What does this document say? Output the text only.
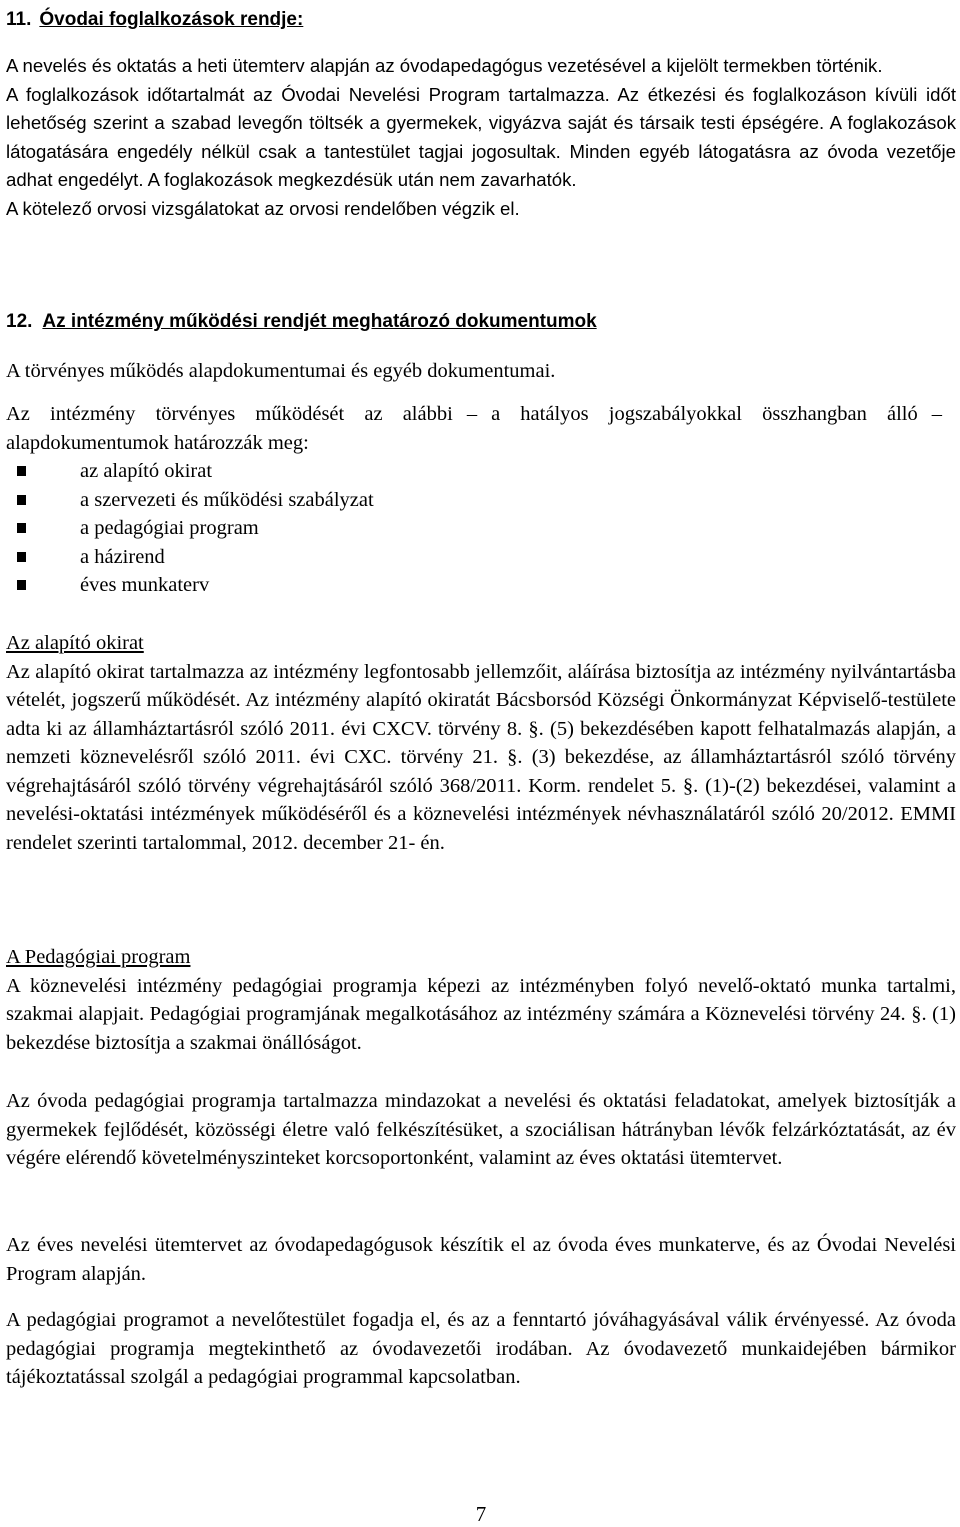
11. Óvodai foglalkozások rendje:
A nevelés és oktatás a heti ütemterv alapján az óvodapedagógus vezetésével a kijelölt termekben történik.
A foglalkozások időtartalmát az Óvodai Nevelési Program tartalmazza. Az étkezési és foglalkozáson kívüli időt lehetőség szerint a szabad levegőn töltsék a gyermekek, vigyázva saját és társaik testi épségére. A foglakozások látogatására engedély nélkül csak a tantestület tagjai jogosultak. Minden egyéb látogatásra az óvoda vezetője adhat engedélyt. A foglakozások megkezdésük után nem zavarhatók.
A kötelező orvosi vizsgálatokat az orvosi rendelőben végzik el.
12. Az intézmény működési rendjét meghatározó dokumentumok
A törvényes működés alapdokumentumai és egyéb dokumentumai.
Az intézmény törvényes működését az alábbi – a hatályos jogszabályokkal összhangban álló –
alapdokumentumok határozzák meg:
az alapító okirat
a szervezeti és működési szabályzat
a pedagógiai program
a házirend
éves munkaterv
Az alapító okirat
Az alapító okirat tartalmazza az intézmény legfontosabb jellemzőit, aláírása biztosítja az intézmény nyilvántartásba vételét, jogszerű működését. Az intézmény alapító okiratát Bácsborsód Községi Önkormányzat Képviselő-testülete adta ki az államháztartásról szóló 2011. évi CXCV. törvény 8. §. (5) bekezdésében kapott felhatalmazás alapján, a nemzeti köznevelésről szóló 2011. évi CXC. törvény 21. §. (3) bekezdése, az államháztartásról szóló törvény végrehajtásáról szóló törvény végrehajtásáról szóló 368/2011. Korm. rendelet 5. §. (1)-(2) bekezdései, valamint a nevelési-oktatási intézmények működéséről és a köznevelési intézmények névhasználatáról szóló 20/2012. EMMI rendelet szerinti tartalommal, 2012. december 21- én.
A Pedagógiai program
A köznevelési intézmény pedagógiai programja képezi az intézményben folyó nevelő-oktató munka tartalmi, szakmai alapjait. Pedagógiai programjának megalkotásához az intézmény számára a Köznevelési törvény 24. §. (1) bekezdése biztosítja a szakmai önállóságot.
Az óvoda pedagógiai programja tartalmazza mindazokat a nevelési és oktatási feladatokat, amelyek biztosítják a gyermekek fejlődését, közösségi életre való felkészítésüket, a szociálisan hátrányban lévők felzárkóztatását, az év végére elérendő követelményszinteket korcsoportonként, valamint az éves oktatási ütemtervet.
Az éves nevelési ütemtervet az óvodapedagógusok készítik el az óvoda éves munkaterve, és az Óvodai Nevelési Program alapján.
A pedagógiai programot a nevelőtestület fogadja el, és az a fenntartó jóváhagyásával válik érvényessé. Az óvoda pedagógiai programja megtekinthető az óvodavezetői irodában. Az óvodavezető munkaidejében bármikor tájékoztatással szolgál a pedagógiai programmal kapcsolatban.
7
